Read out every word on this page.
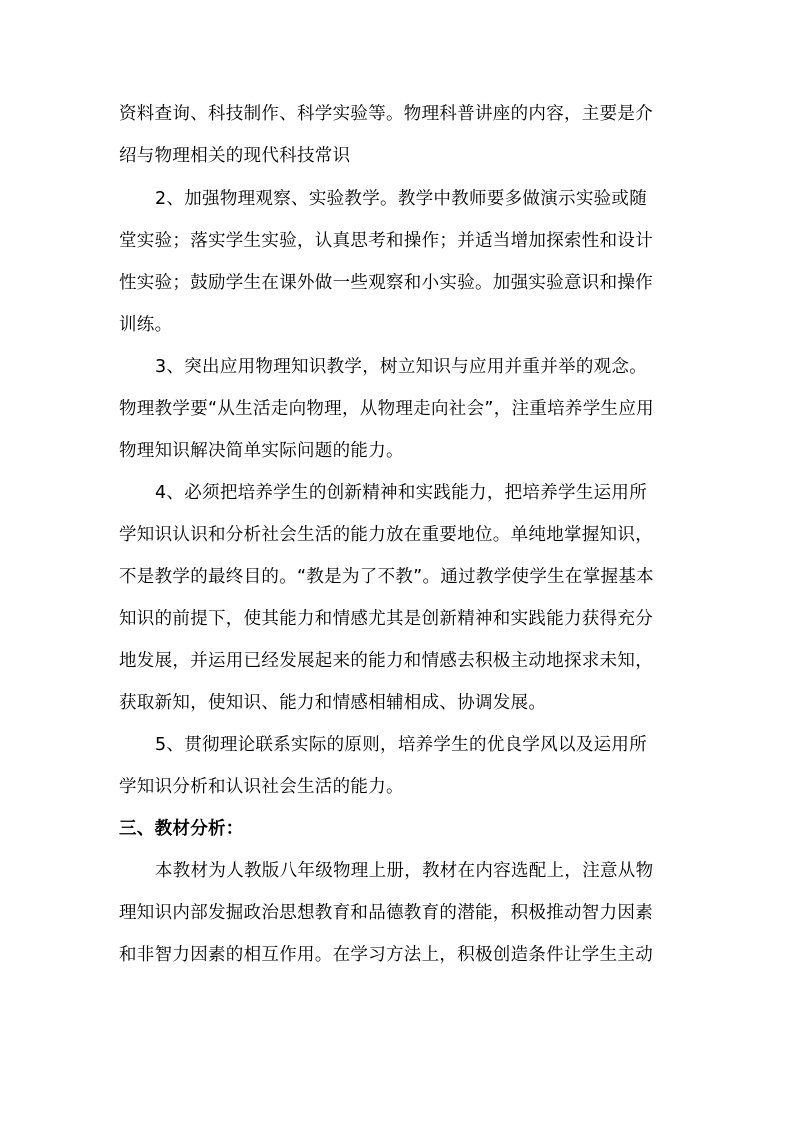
资料查询、科技制作、科学实验等。物理科普讲座的内容，主要是介
绍与物理相关的现代科技常识
2、加强物理观察、实验教学。教学中教师要多做演示实验或随
堂实验；落实学生实验，认真思考和操作；并适当增加探索性和设计
性实验；鼓励学生在课外做一些观察和小实验。加强实验意识和操作
训练。
3、突出应用物理知识教学，树立知识与应用并重并举的观念。
物理教学要“从生活走向物理，从物理走向社会”，注重培养学生应用
物理知识解决简单实际问题的能力。
4、必须把培养学生的创新精神和实践能力，把培养学生运用所
学知识认识和分析社会生活的能力放在重要地位。单纯地掌握知识，
不是教学的最终目的。“教是为了不教”。通过教学使学生在掌握基本
知识的前提下，使其能力和情感尤其是创新精神和实践能力获得充分
地发展，并运用已经发展起来的能力和情感去积极主动地探求未知，
获取新知，使知识、能力和情感相辅相成、协调发展。
5、贯彻理论联系实际的原则，培养学生的优良学风以及运用所
学知识分析和认识社会生活的能力。
三、教材分析：
本教材为人教版八年级物理上册，教材在内容选配上，注意从物
理知识内部发掘政治思想教育和品德教育的潜能，积极推动智力因素
和非智力因素的相互作用。在学习方法上，积极创造条件让学生主动
